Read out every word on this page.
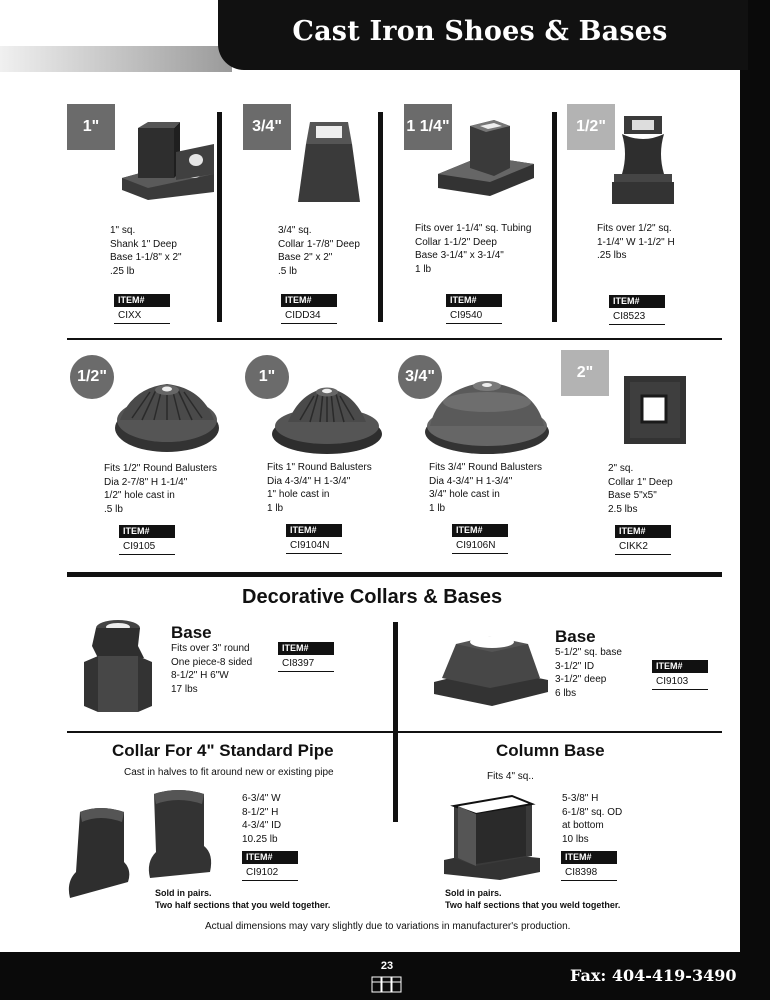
Cast Iron Shoes & Bases
1"	3/4"	1 1/4"	1/2"
1" sq.
Shank 1" Deep
Base 1-1/8" x 2"
.25 lb
3/4" sq.
Collar 1-7/8" Deep
Base 2" x 2"
.5 lb
Fits over 1-1/4" sq. Tubing
Collar 1-1/2" Deep
Base 3-1/4" x 3-1/4"
1 lb
Fits over 1/2" sq.
1-1/4" W 1-1/2" H
.25 lbs
ITEM#
CIXX
ITEM#
CIDD34
ITEM#
CI9540
ITEM#
CI8523
1/2"	1"	3/4"	2"
Fits 1/2" Round Balusters
Dia 2-7/8" H 1-1/4"
1/2" hole cast in
.5 lb
Fits 1" Round Balusters
Dia 4-3/4" H 1-3/4"
1" hole cast in
1 lb
Fits 3/4" Round Balusters
Dia 4-3/4" H 1-3/4"
3/4" hole cast in
1 lb
2" sq.
Collar 1" Deep
Base 5"x5"
2.5 lbs
ITEM#
CI9105
ITEM#
CI9104N
ITEM#
CI9106N
ITEM#
CIKK2
Decorative Collars & Bases
Base
Fits over 3" round
One piece-8 sided
8-1/2" H 6"W
17 lbs
ITEM#
CI8397
Base
5-1/2" sq. base
3-1/2" ID
3-1/2" deep
6 lbs
ITEM#
CI9103
Collar For 4" Standard Pipe
Cast in halves to fit around new or existing pipe
6-3/4" W
8-1/2" H
4-3/4" ID
10.25 lb
ITEM#
CI9102
Sold in pairs.
Two half sections that you weld together.
Column Base
Fits 4" sq..
5-3/8" H
6-1/8" sq. OD
at bottom
10 lbs
ITEM#
CI8398
Sold in pairs.
Two half sections that you weld together.
Actual dimensions may vary slightly due to variations in manufacturer's production.
23	Fax: 404-419-3490
